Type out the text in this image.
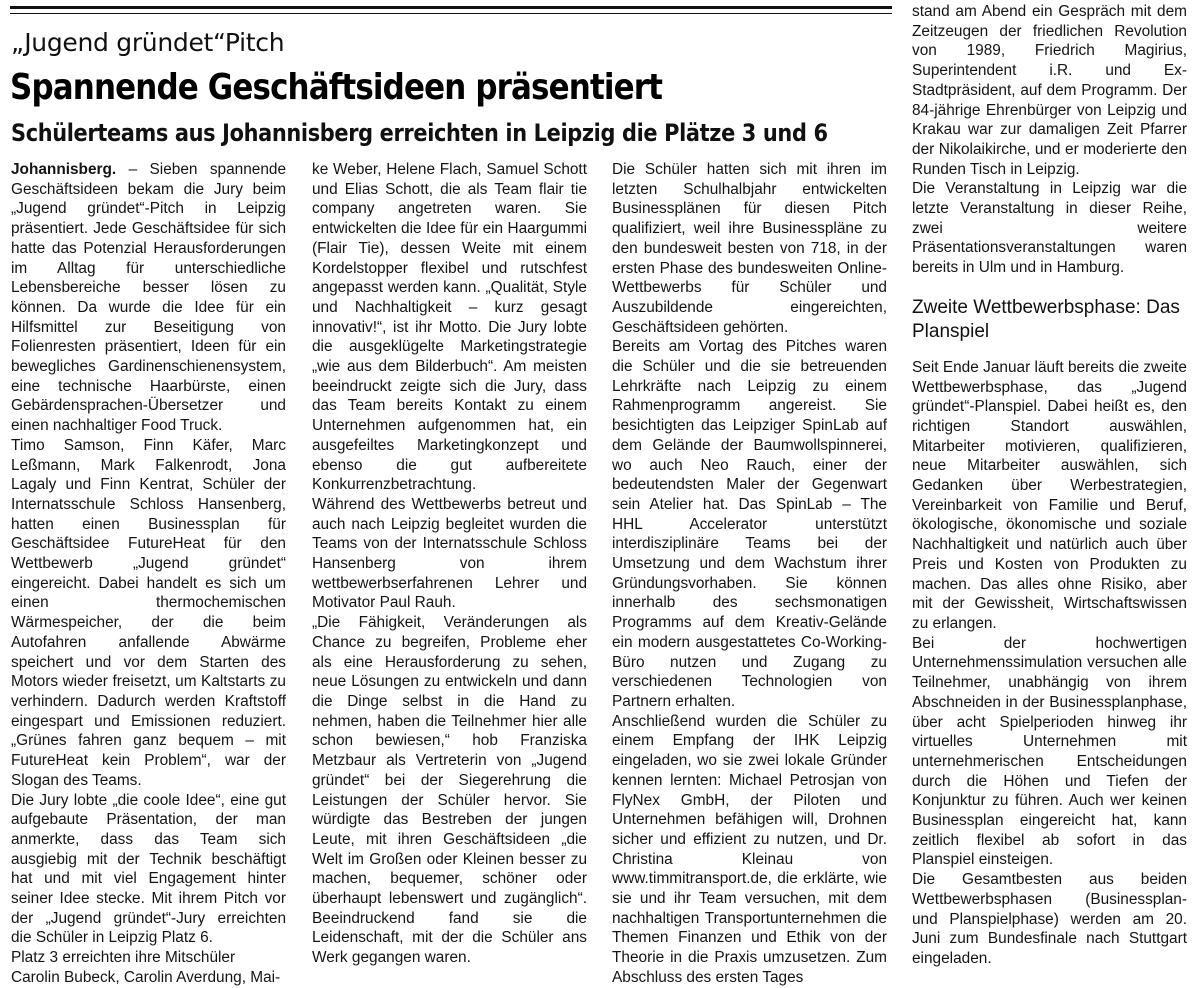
„Jugend gründet“Pitch
Spannende Geschäftsideen präsentiert
Schülerteams aus Johannisberg erreichten in Leipzig die Plätze 3 und 6

Johannisberg. – Sieben spannende Geschäftsideen bekam die Jury beim „Jugend gründet“-Pitch in Leipzig präsentiert. Jede Geschäftsidee für sich hatte das Potenzial Herausforderungen im Alltag für unterschiedliche Lebensbereiche besser lösen zu können. Da wurde die Idee für ein Hilfsmittel zur Beseitigung von Folienresten präsentiert, Ideen für ein bewegliches Gardinenschienensystem, eine technische Haarbürste, einen Gebärdensprachen-Übersetzer und einen nachhaltiger Food Truck.

Timo Samson, Finn Käfer, Marc Leßmann, Mark Falkenrodt, Jona Lagaly und Finn Kentrat, Schüler der Internatsschule Schloss Hansenberg, hatten einen Businessplan für Geschäftsidee FutureHeat für den Wettbewerb „Jugend gründet“ eingereicht. Dabei handelt es sich um einen thermochemischen Wärmespeicher, der die beim Autofahren anfallende Abwärme speichert und vor dem Starten des Motors wieder freisetzt, um Kaltstarts zu verhindern. Dadurch werden Kraftstoff eingespart und Emissionen reduziert. „Grünes fahren ganz bequem – mit FutureHeat kein Problem“, war der Slogan des Teams.

Die Jury lobte „die coole Idee“, eine gut aufgebaute Präsentation, der man anmerkte, dass das Team sich ausgiebig mit der Technik beschäftigt hat und mit viel Engagement hinter seiner Idee stecke. Mit ihrem Pitch vor der „Jugend gründet“-Jury erreichten die Schüler in Leipzig Platz 6.

Platz 3 erreichten ihre Mitschüler Carolin Bubeck, Carolin Averdung, Mai-

ke Weber, Helene Flach, Samuel Schott und Elias Schott, die als Team flair tie company angetreten waren. Sie entwickelten die Idee für ein Haargummi (Flair Tie), dessen Weite mit einem Kordelstopper flexibel und rutschfest angepasst werden kann. „Qualität, Style und Nachhaltigkeit – kurz gesagt innovativ!“, ist ihr Motto. Die Jury lobte die ausgeklügelte Marketingstrategie „wie aus dem Bilderbuch“. Am meisten beeindruckt zeigte sich die Jury, dass das Team bereits Kontakt zu einem Unternehmen aufgenommen hat, ein ausgefeiltes Marketingkonzept und ebenso die gut aufbereitete Konkurrenzbetrachtung.

Während des Wettbewerbs betreut und auch nach Leipzig begleitet wurden die Teams von der Internatsschule Schloss Hansenberg von ihrem wettbewerbserfahrenen Lehrer und Motivator Paul Rauh.

„Die Fähigkeit, Veränderungen als Chance zu begreifen, Probleme eher als eine Herausforderung zu sehen, neue Lösungen zu entwickeln und dann die Dinge selbst in die Hand zu nehmen, haben die Teilnehmer hier alle schon bewiesen,“ hob Franziska Metzbaur als Vertreterin von „Jugend gründet“ bei der Siegerehrung die Leistungen der Schüler hervor. Sie würdigte das Bestreben der jungen Leute, mit ihren Geschäftsideen „die Welt im Großen oder Kleinen besser zu machen, bequemer, schöner oder überhaupt lebenswert und zugänglich“. Beeindruckend fand sie die Leidenschaft, mit der die Schüler ans Werk gegangen waren.

Die Schüler hatten sich mit ihren im letzten Schulhalbjahr entwickelten Businessplänen für diesen Pitch qualifiziert, weil ihre Businesspläne zu den bundesweit besten von 718, in der ersten Phase des bundesweiten Online-Wettbewerbs für Schüler und Auszubildende eingereichten, Geschäftsideen gehörten.

Bereits am Vortag des Pitches waren die Schüler und die sie betreuenden Lehrkräfte nach Leipzig zu einem Rahmenprogramm angereist. Sie besichtigten das Leipziger SpinLab auf dem Gelände der Baumwollspinnerei, wo auch Neo Rauch, einer der bedeutendsten Maler der Gegenwart sein Atelier hat. Das SpinLab – The HHL Accelerator unterstützt interdisziplinäre Teams bei der Umsetzung und dem Wachstum ihrer Gründungsvorhaben. Sie können innerhalb des sechsmonatigen Programms auf dem Kreativ-Gelände ein modern ausgestattetes Co-Working-Büro nutzen und Zugang zu verschiedenen Technologien von Partnern erhalten.

Anschließend wurden die Schüler zu einem Empfang der IHK Leipzig eingeladen, wo sie zwei lokale Gründer kennen lernten: Michael Petrosjan von FlyNex GmbH, der Piloten und Unternehmen befähigen will, Drohnen sicher und effizient zu nutzen, und Dr. Christina Kleinau von www.timmitransport.de, die erklärte, wie sie und ihr Team versuchen, mit dem nachhaltigen Transportunternehmen die Themen Finanzen und Ethik von der Theorie in die Praxis umzusetzen. Zum Abschluss des ersten Tages

stand am Abend ein Gespräch mit dem Zeitzeugen der friedlichen Revolution von 1989, Friedrich Magirius, Superintendent i.R. und Ex-Stadtpräsident, auf dem Programm. Der 84-jährige Ehrenbürger von Leipzig und Krakau war zur damaligen Zeit Pfarrer der Nikolaikirche, und er moderierte den Runden Tisch in Leipzig.

Die Veranstaltung in Leipzig war die letzte Veranstaltung in dieser Reihe, zwei weitere Präsentationsveranstaltungen waren bereits in Ulm und in Hamburg.

Zweite Wettbewerbsphase: Das Planspiel

Seit Ende Januar läuft bereits die zweite Wettbewerbsphase, das „Jugend gründet“-Planspiel. Dabei heißt es, den richtigen Standort auswählen, Mitarbeiter motivieren, qualifizieren, neue Mitarbeiter auswählen, sich Gedanken über Werbestrategien, Vereinbarkeit von Familie und Beruf, ökologische, ökonomische und soziale Nachhaltigkeit und natürlich auch über Preis und Kosten von Produkten zu machen. Das alles ohne Risiko, aber mit der Gewissheit, Wirtschaftswissen zu erlangen.

Bei der hochwertigen Unternehmenssimulation versuchen alle Teilnehmer, unabhängig von ihrem Abschneiden in der Businessplanphase, über acht Spielperioden hinweg ihr virtuelles Unternehmen mit unternehmerischen Entscheidungen durch die Höhen und Tiefen der Konjunktur zu führen. Auch wer keinen Businessplan eingereicht hat, kann zeitlich flexibel ab sofort in das Planspiel einsteigen.

Die Gesamtbesten aus beiden Wettbewerbsphasen (Businessplan- und Planspielphase) werden am 20. Juni zum Bundesfinale nach Stuttgart eingeladen.
